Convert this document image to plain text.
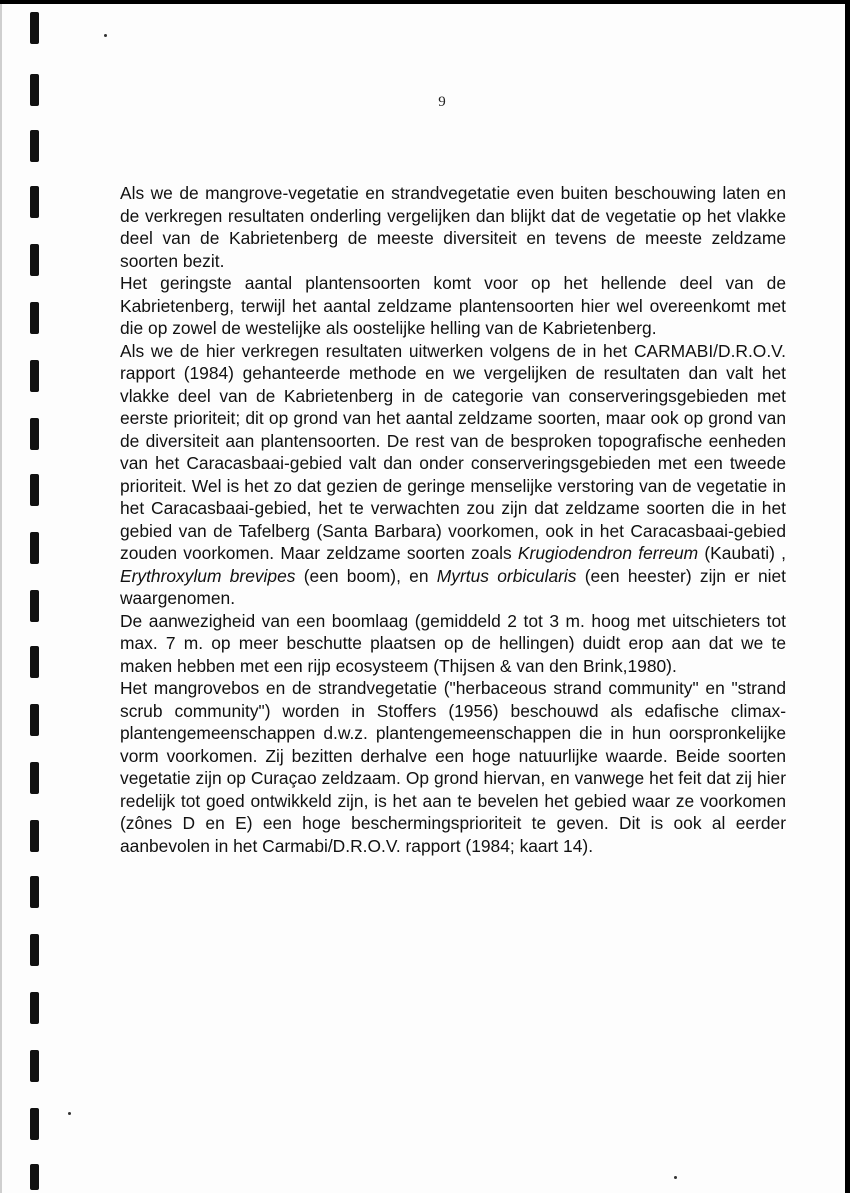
9

Als we de mangrove-vegetatie en strandvegetatie even buiten beschouwing laten en de verkregen resultaten onderling vergelijken dan blijkt dat de vegetatie op het vlakke deel van de Kabrietenberg de meeste diversiteit en tevens de meeste zeldzame soorten bezit.

Het geringste aantal plantensoorten komt voor op het hellende deel van de Kabrietenberg, terwijl het aantal zeldzame plantensoorten hier wel overeenkomt met die op zowel de westelijke als oostelijke helling van de Kabrietenberg.

Als we de hier verkregen resultaten uitwerken volgens de in het CARMABI/D.R.O.V. rapport (1984) gehanteerde methode en we vergelijken de resultaten dan valt het vlakke deel van de Kabrietenberg in de categorie van conserveringsgebieden met eerste prioriteit; dit op grond van het aantal zeldzame soorten, maar ook op grond van de diversiteit aan plantensoorten. De rest van de besproken topografische eenheden van het Caracasbaai-gebied valt dan onder conserveringsgebieden met een tweede prioriteit. Wel is het zo dat gezien de geringe menselijke verstoring van de vegetatie in het Caracasbaai-gebied, het te verwachten zou zijn dat zeldzame soorten die in het gebied van de Tafelberg (Santa Barbara) voorkomen, ook in het Caracasbaai-gebied zouden voorkomen. Maar zeldzame soorten zoals Krugiodendron ferreum (Kaubati) , Erythroxylum brevipes (een boom), en Myrtus orbicularis (een heester) zijn er niet waargenomen.

De aanwezigheid van een boomlaag (gemiddeld 2 tot 3 m. hoog met uitschieters tot max. 7 m. op meer beschutte plaatsen op de hellingen) duidt erop aan dat we te maken hebben met een rijp ecosysteem (Thijsen & van den Brink,1980).

Het mangrovebos en de strandvegetatie ("herbaceous strand community" en "strand scrub community") worden in Stoffers (1956) beschouwd als edafische climax- plantengemeenschappen d.w.z. plantengemeenschappen die in hun oorspronkelijke vorm voorkomen. Zij bezitten derhalve een hoge natuurlijke waarde. Beide soorten vegetatie zijn op Curaçao zeldzaam. Op grond hiervan, en vanwege het feit dat zij hier redelijk tot goed ontwikkeld zijn, is het aan te bevelen het gebied waar ze voorkomen (zônes D en E) een hoge beschermingsprioriteit te geven. Dit is ook al eerder aanbevolen in het Carmabi/D.R.O.V. rapport (1984; kaart 14).
